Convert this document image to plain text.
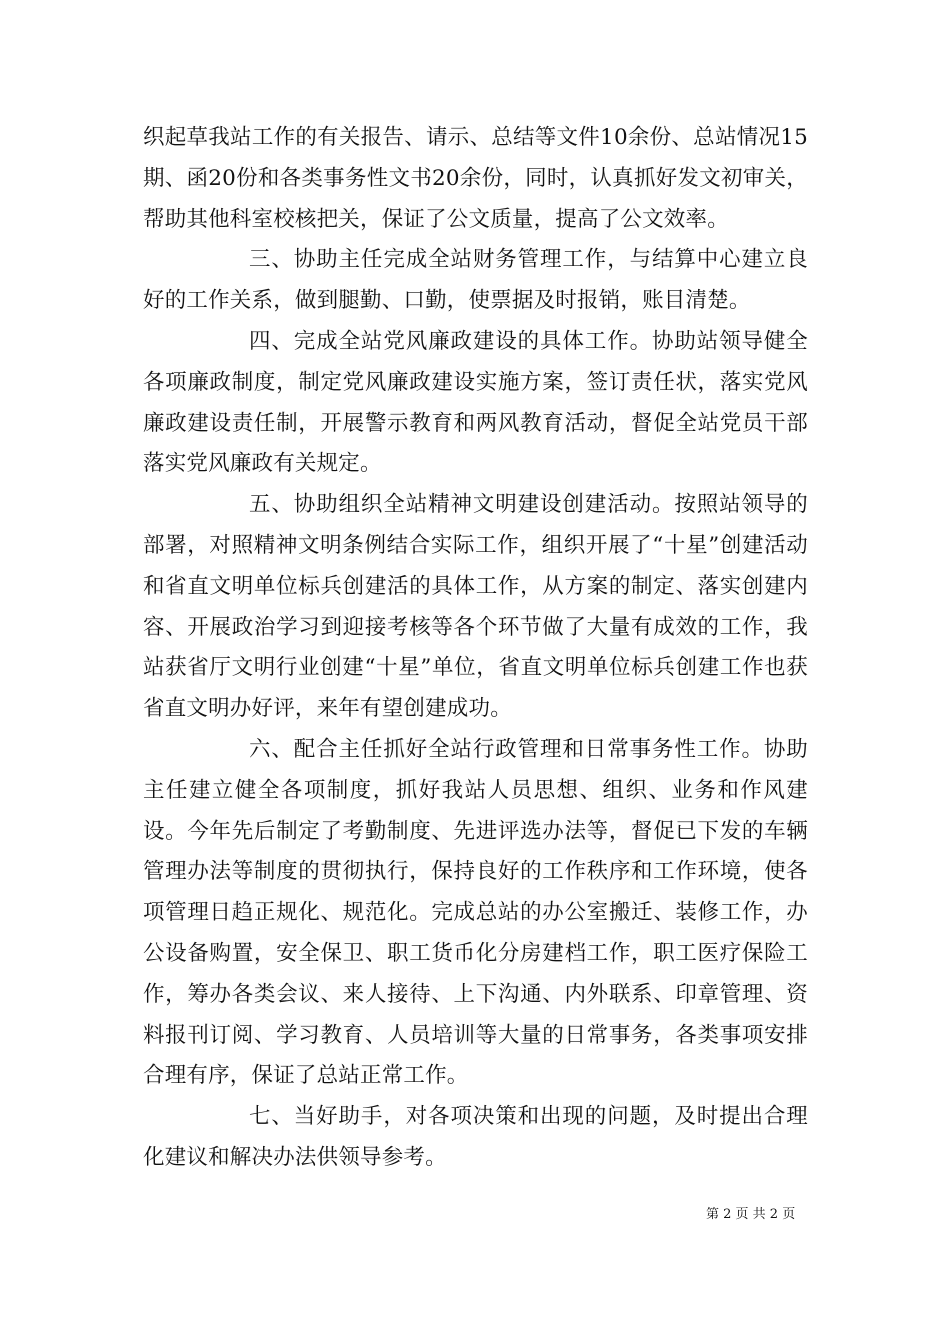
织起草我站工作的有关报告、请示、总结等文件10余份、总站情况15期、函20份和各类事务性文书20余份，同时，认真抓好发文初审关，帮助其他科室校核把关，保证了公文质量，提高了公文效率。

三、协助主任完成全站财务管理工作，与结算中心建立良好的工作关系，做到腿勤、口勤，使票据及时报销，账目清楚。

四、完成全站党风廉政建设的具体工作。协助站领导健全各项廉政制度，制定党风廉政建设实施方案，签订责任状，落实党风廉政建设责任制，开展警示教育和两风教育活动，督促全站党员干部落实党风廉政有关规定。

五、协助组织全站精神文明建设创建活动。按照站领导的部署，对照精神文明条例结合实际工作，组织开展了“十星”创建活动和省直文明单位标兵创建活的具体工作，从方案的制定、落实创建内容、开展政治学习到迎接考核等各个环节做了大量有成效的工作，我站获省厅文明行业创建“十星”单位，省直文明单位标兵创建工作也获省直文明办好评，来年有望创建成功。

六、配合主任抓好全站行政管理和日常事务性工作。协助主任建立健全各项制度，抓好我站人员思想、组织、业务和作风建设。今年先后制定了考勤制度、先进评选办法等，督促已下发的车辆管理办法等制度的贯彻执行，保持良好的工作秩序和工作环境，使各项管理日趋正规化、规范化。完成总站的办公室搬迁、装修工作，办公设备购置，安全保卫、职工货币化分房建档工作，职工医疗保险工作，筹办各类会议、来人接待、上下沟通、内外联系、印章管理、资料报刊订阅、学习教育、人员培训等大量的日常事务，各类事项安排合理有序，保证了总站正常工作。

七、当好助手，对各项决策和出现的问题，及时提出合理化建议和解决办法供领导参考。

第 2 页 共 2 页
